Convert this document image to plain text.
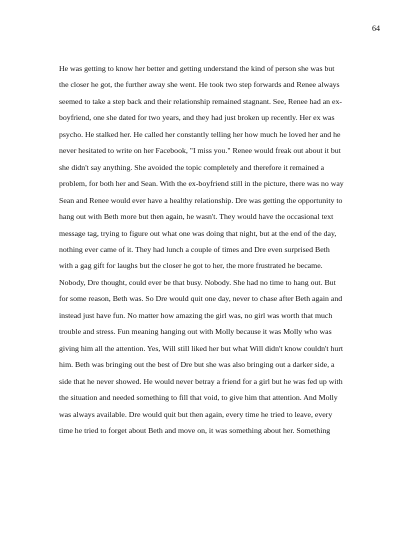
64
He was getting to know her better and getting understand the kind of person she was but
the closer he got, the further away she went. He took two step forwards and Renee always
seemed to take a step back and their relationship remained stagnant. See, Renee had an ex-
boyfriend, one she dated for two years, and they had just broken up recently. Her ex was
psycho. He stalked her. He called her constantly telling her how much he loved her and he
never hesitated to write on her Facebook, "I miss you." Renee would freak out about it but
she didn't say anything. She avoided the topic completely and therefore it remained a
problem, for both her and Sean. With the ex-boyfriend still in the picture, there was no way
Sean and Renee would ever have a healthy relationship. Dre was getting the opportunity to
hang out with Beth more but then again, he wasn't. They would have the occasional text
message tag, trying to figure out what one was doing that night, but at the end of the day,
nothing ever came of it. They had lunch a couple of times and Dre even surprised Beth
with a gag gift for laughs but the closer he got to her, the more frustrated he became.
Nobody, Dre thought, could ever be that busy. Nobody. She had no time to hang out. But
for some reason, Beth was. So Dre would quit one day, never to chase after Beth again and
instead just have fun. No matter how amazing the girl was, no girl was worth that much
trouble and stress. Fun meaning hanging out with Molly because it was Molly who was
giving him all the attention. Yes, Will still liked her but what Will didn't know couldn't hurt
him. Beth was bringing out the best of Dre but she was also bringing out a darker side, a
side that he never showed. He would never betray a friend for a girl but he was fed up with
the situation and needed something to fill that void, to give him that attention. And Molly
was always available. Dre would quit but then again, every time he tried to leave, every
time he tried to forget about Beth and move on, it was something about her. Something
